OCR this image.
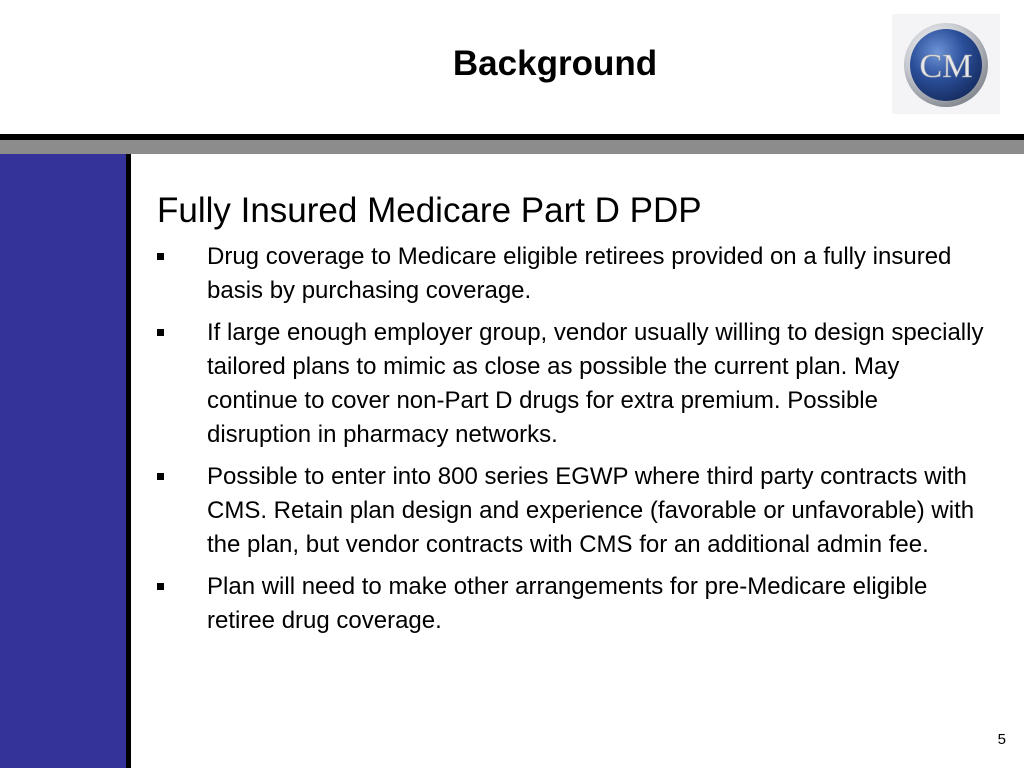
Background	CM
Fully Insured Medicare Part D PDP
Drug coverage to Medicare eligible retirees provided on a fully insured basis by purchasing coverage.
If large enough employer group, vendor usually willing to design specially tailored plans to mimic as close as possible the current plan. May continue to cover non-Part D drugs for extra premium. Possible disruption in pharmacy networks.
Possible to enter into 800 series EGWP where third party contracts with CMS. Retain plan design and experience (favorable or unfavorable) with the plan, but vendor contracts with CMS for an additional admin fee.
Plan will need to make other arrangements for pre-Medicare eligible retiree drug coverage.
5
